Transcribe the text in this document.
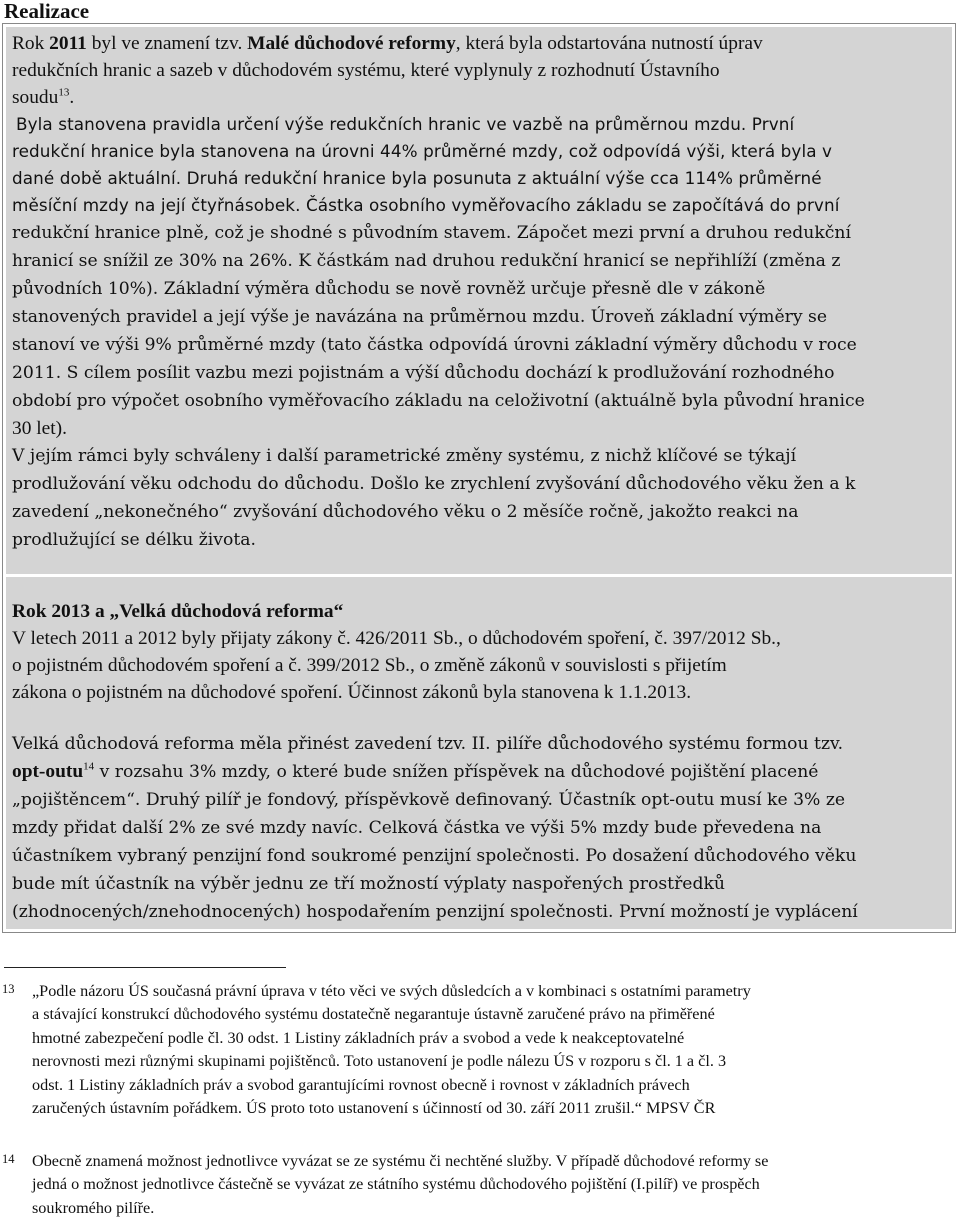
Realizace

Rok 2011 byl ve znamení tzv. Malé důchodové reformy, která byla odstartována nutností úprav

redukčních hranic a sazeb v důchodovém systému, které vyplynuly z rozhodnutí Ústavního

soudu$^{13}$.

Byla stanovena pravidla určení výše redukčních hranic ve vazbě na průměrnou mzdu. První

redukční hranice byla stanovena na úrovni 44% průměrné mzdy, což odpovídá výši, která byla v

dané době aktuální. Druhá redukční hranice byla posunuta z aktuální výše cca 114% průměrné

měsíční mzdy na její čtyřnásobek. Částka osobního vyměřovacího základu se započítává do první

redukční hranice plně, což je shodné s původním stavem. Zápočet mezi první a druhou redukční

hranicí se snížil ze 30% na 26%. K částkám nad druhou redukční hranicí se nepřihlíží (změna z

původních 10%). Základní výměra důchodu se nově rovněž určuje přesně dle v zákoně

stanovených pravidel a její výše je navázána na průměrnou mzdu. Úroveň základní výměry se

stanoví ve výši 9% průměrné mzdy (tato částka odpovídá úrovni základní výměry důchodu v roce

2011. S cílem posílit vazbu mezi pojistnám a výší důchodu dochází k prodlužování rozhodného

období pro výpočet osobního vyměřovacího základu na celoživotní (aktuálně byla původní hranice

30 let).

V jejím rámci byly schváleny i další parametrické změny systému, z nichž klíčové se týkají

prodlužování věku odchodu do důchodu. Došlo ke zrychlení zvyšování důchodového věku žen a k

zavedení „nekonečného“ zvyšování důchodového věku o 2 měsíče ročně, jakožto reakci na

prodlužující se délku života.

Rok 2013 a „Velká důchodová reforma“

V letech 2011 a 2012 byly přijaty zákony č. 426/2011 Sb., o důchodovém spoření, č. 397/2012 Sb.,

o pojistném důchodovém spoření a č. 399/2012 Sb., o změně zákonů v souvislosti s přijetím

zákona o pojistném na důchodové spoření. Účinnost zákonů byla stanovena k 1.1.2013.

Velká důchodová reforma měla přinést zavedení tzv. II. pilíře důchodového systému formou tzv.

opt-outu$^{14}$ v rozsahu 3% mzdy, o které bude snížen příspěvek na důchodové pojištění placené

„pojištěncem“. Druhý pilíř je fondový, příspěvkově definovaný. Účastník opt-outu musí ke 3% ze

mzdy přidat další 2% ze své mzdy navíc. Celková částka ve výši 5% mzdy bude převedena na

účastníkem vybraný penzijní fond soukromé penzijní společnosti. Po dosažení důchodového věku

bude mít účastník na výběr jednu ze tří možností výplaty naspořených prostředků

(zhodnocených/znehodnocených) hospodařením penzijní společnosti. První možností je vyplácení

13 „Podle názoru ÚS současná právní úprava v této věci ve svých důsledcích a v kombinaci s ostatními parametry
a stávající konstrukcí důchodového systému dostatečně negarantuje ústavně zaručené právo na přiměřené
hmotné zabezpečení podle čl. 30 odst. 1 Listiny základních práv a svobod a vede k neakceptovatelné
nerovnosti mezi různými skupinami pojištěnců. Toto ustanovení je podle nálezu ÚS v rozporu s čl. 1 a čl. 3
odst. 1 Listiny základních práv a svobod garantujícími rovnost obecně i rovnost v základních právech
zaručených ústavním pořádkem. ÚS proto toto ustanovení s účinností od 30. září 2011 zrušil.“ MPSV ČR
14 Obecně znamená možnost jednotlivce vyvázat se ze systému či nechtěné služby. V případě důchodové reformy se
jedná o možnost jednotlivce částečně se vyvázat ze státního systému důchodového pojištění (I.pilíř) ve prospěch
soukromého pilíře.
